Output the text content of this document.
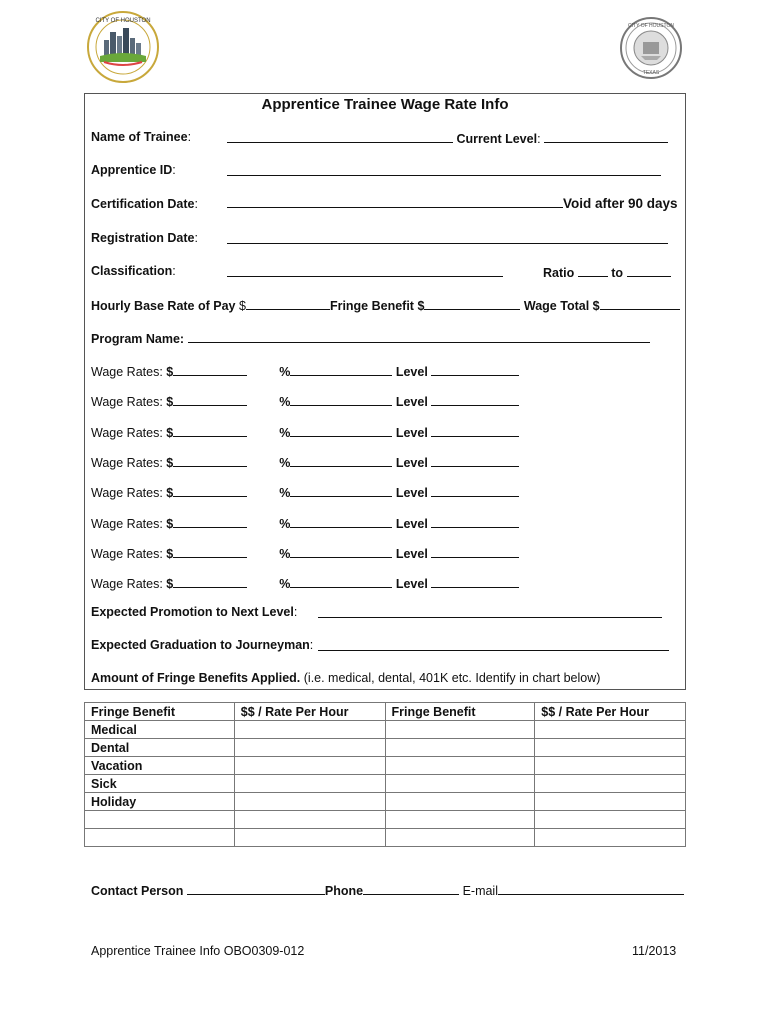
CITY OF HOUSTON
CITY OF HOUSTON
TEXAS
Apprentice Trainee Wage Rate Info
Name of Trainee:	Current Level:
Apprentice ID:
Certification Date:	Void after 90 days
Registration Date:
Classification:	Ratio	to
Hourly Base Rate of Pay $	Fringe Benefit $	Wage Total $
Program Name:
Wage Rates: $	%	Level
Wage Rates: $	%	Level
Wage Rates: $	%	Level
Wage Rates: $	%	Level
Wage Rates: $	%	Level
Wage Rates: $	%	Level
Wage Rates: $	%	Level
Wage Rates: $	%	Level
Expected Promotion to Next Level:
Expected Graduation to Journeyman:
Amount of Fringe Benefits Applied. (i.e. medical, dental, 401K etc. Identify in chart below)
Fringe Benefit	$$ / Rate Per Hour	Fringe Benefit	$$ / Rate Per Hour
Medical			
Dental			
Vacation			
Sick			
Holiday			

Contact Person	Phone	E-mail
Apprentice Trainee Info OBO0309-012	11/2013
